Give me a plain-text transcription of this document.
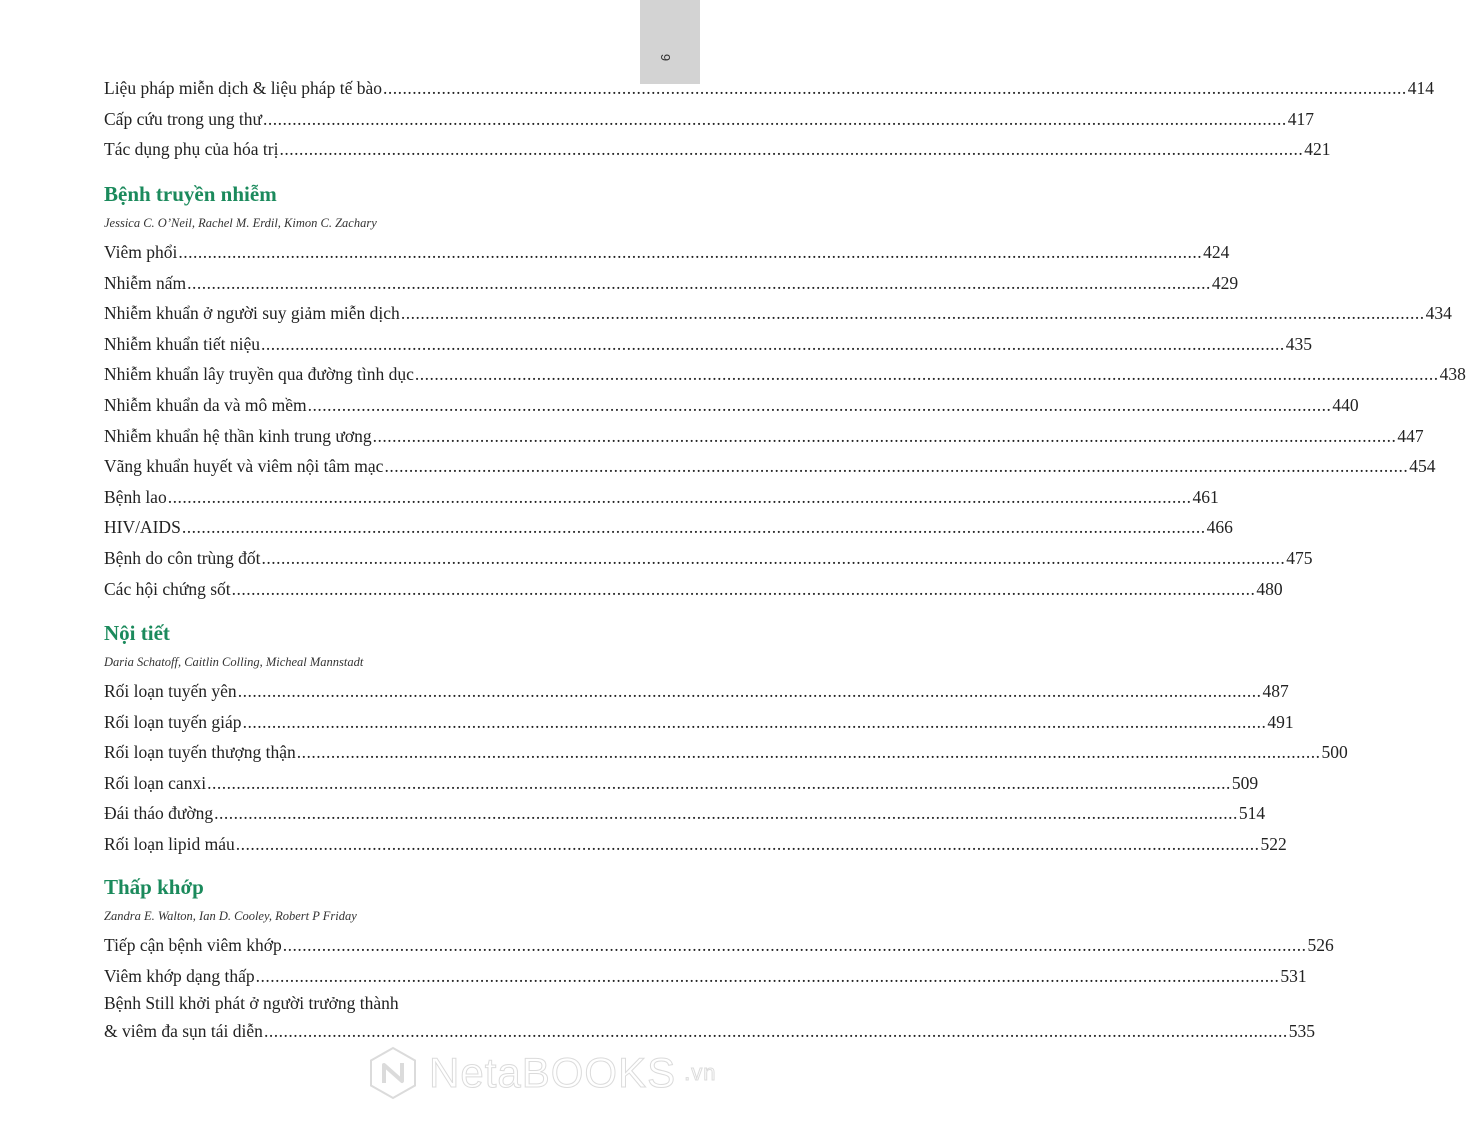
9
Liệu pháp miễn dịch & liệu pháp tế bào .....	414
Cấp cứu trong ung thư .....	417
Tác dụng phụ của hóa trị .....	421
Bệnh truyền nhiễm
Jessica C. O’Neil, Rachel M. Erdil, Kimon C. Zachary
Viêm phổi .....	424
Nhiễm nấm .....	429
Nhiễm khuẩn ở người suy giảm miễn dịch .....	434
Nhiễm khuẩn tiết niệu .....	435
Nhiễm khuẩn lây truyền qua đường tình dục .....	438
Nhiễm khuẩn da và mô mềm .....	440
Nhiễm khuẩn hệ thần kinh trung ương .....	447
Vãng khuẩn huyết và viêm nội tâm mạc .....	454
Bệnh lao .....	461
HIV/AIDS .....	466
Bệnh do côn trùng đốt .....	475
Các hội chứng sốt .....	480
Nội tiết
Daria Schatoff, Caitlin Colling, Micheal Mannstadt
Rối loạn tuyến yên .....	487
Rối loạn tuyến giáp .....	491
Rối loạn tuyến thượng thận .....	500
Rối loạn canxi .....	509
Đái tháo đường .....	514
Rối loạn lipid máu .....	522
Thấp khớp
Zandra E. Walton, Ian D. Cooley, Robert P Friday
Tiếp cận bệnh viêm khớp .....	526
Viêm khớp dạng thấp .....	531
Bệnh Still khởi phát ở người trưởng thành
& viêm đa sụn tái diễn .....	535
NetaBOOKS .vn
